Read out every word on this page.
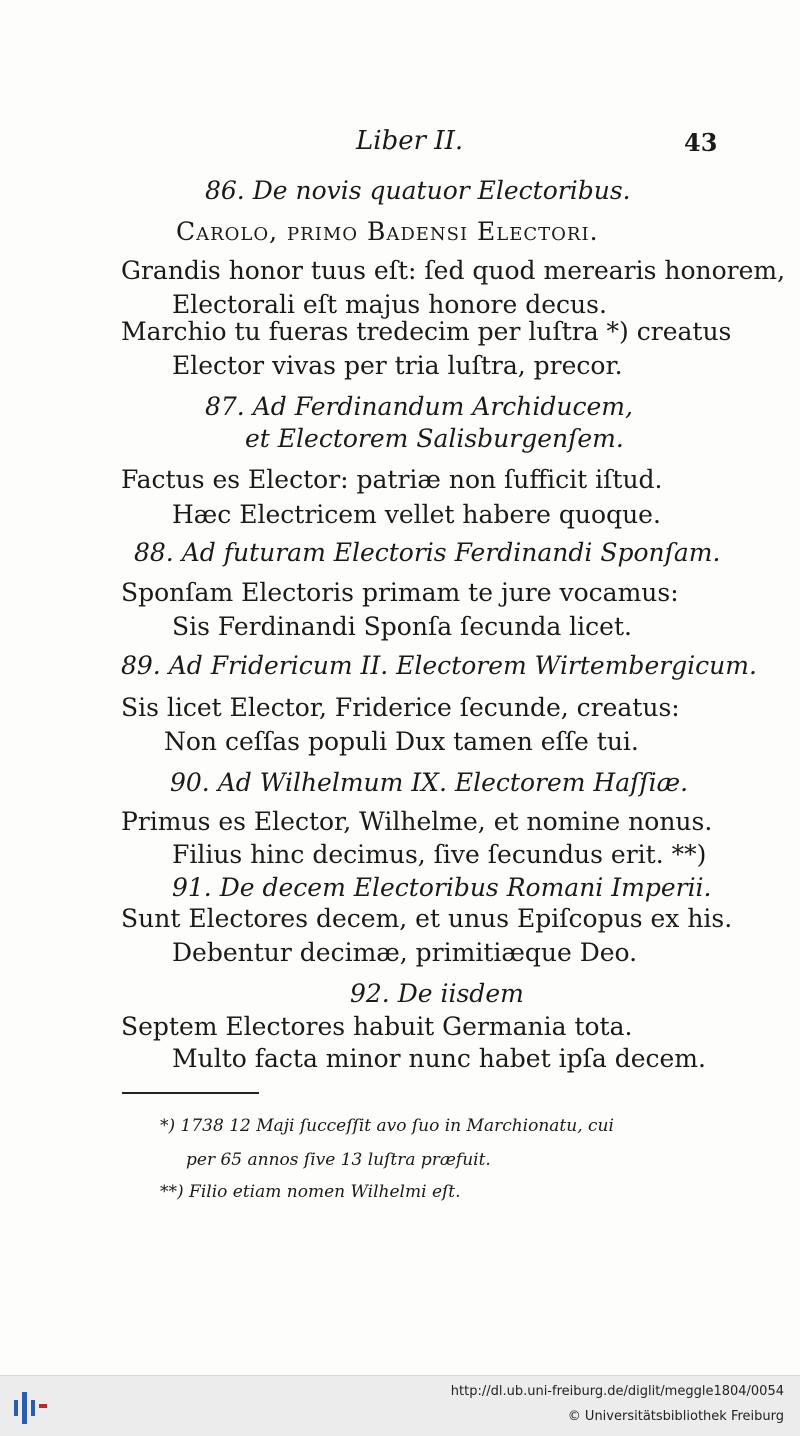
Liber II.	43
86. De novis quatuor Electoribus.
Carolo, primo Badensi Electori.
Grandis honor tuus eſt: ſed quod merearis honorem,
Electorali eſt majus honore decus.
Marchio tu fueras tredecim per luſtra *) creatus
Elector vivas per tria luſtra, precor.
87. Ad Ferdinandum Archiducem,
et Electorem Salisburgenſem.
Factus es Elector: patriæ non ſufficit iſtud.
Hæc Electricem vellet habere quoque.
88. Ad futuram Electoris Ferdinandi Sponſam.
Sponſam Electoris primam te jure vocamus:
Sis Ferdinandi Sponſa ſecunda licet.
89. Ad Fridericum II. Electorem Wirtembergicum.
Sis licet Elector, Friderice ſecunde, creatus:
Non ceſſas populi Dux tamen eſſe tui.
90. Ad Wilhelmum IX. Electorem Haſſiæ.
Primus es Elector, Wilhelme, et nomine nonus.
Filius hinc decimus, ſive ſecundus erit. **)
91. De decem Electoribus Romani Imperii.
Sunt Electores decem, et unus Epiſcopus ex his.
Debentur decimæ, primitiæque Deo.
92. De iisdem
Septem Electores habuit Germania tota.
Multo facta minor nunc habet ipſa decem.
*) 1738 12 Maji ſucceſſit avo ſuo in Marchionatu, cui
per 65 annos ſive 13 luſtra præfuit.
**) Filio etiam nomen Wilhelmi eſt.
http://dl.ub.uni-freiburg.de/diglit/meggle1804/0054
© Universitätsbibliothek Freiburg
